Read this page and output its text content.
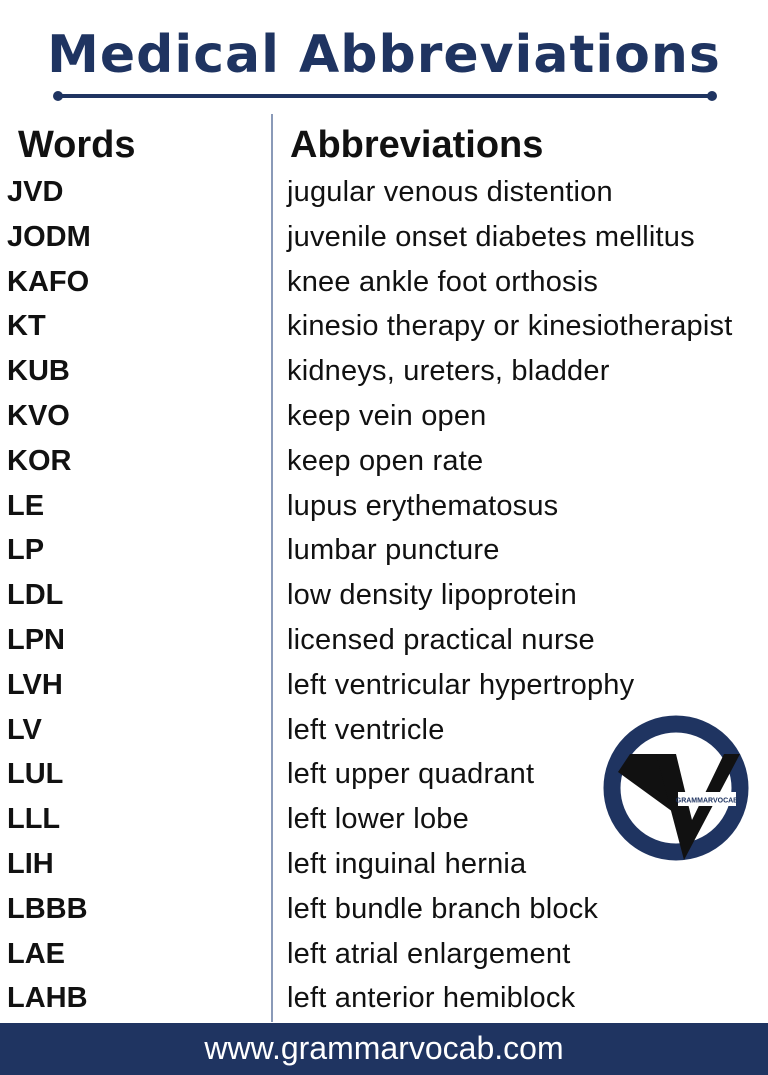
Medical Abbreviations
Words	Abbreviations
JVD	jugular venous distention
JODM	juvenile onset diabetes mellitus
KAFO	knee ankle foot orthosis
KT	kinesio therapy or kinesiotherapist
KUB	kidneys, ureters, bladder
KVO	keep vein open
KOR	keep open rate
LE	lupus erythematosus
LP	lumbar puncture
LDL	low density lipoprotein
LPN	licensed practical nurse
LVH	left ventricular hypertrophy
LV	left ventricle
LUL	left upper quadrant
LLL	left lower lobe
LIH	left inguinal hernia
LBBB	left bundle branch block
LAE	left atrial enlargement
LAHB	left anterior hemiblock
GRAMMARVOCAB
www.grammarvocab.com
